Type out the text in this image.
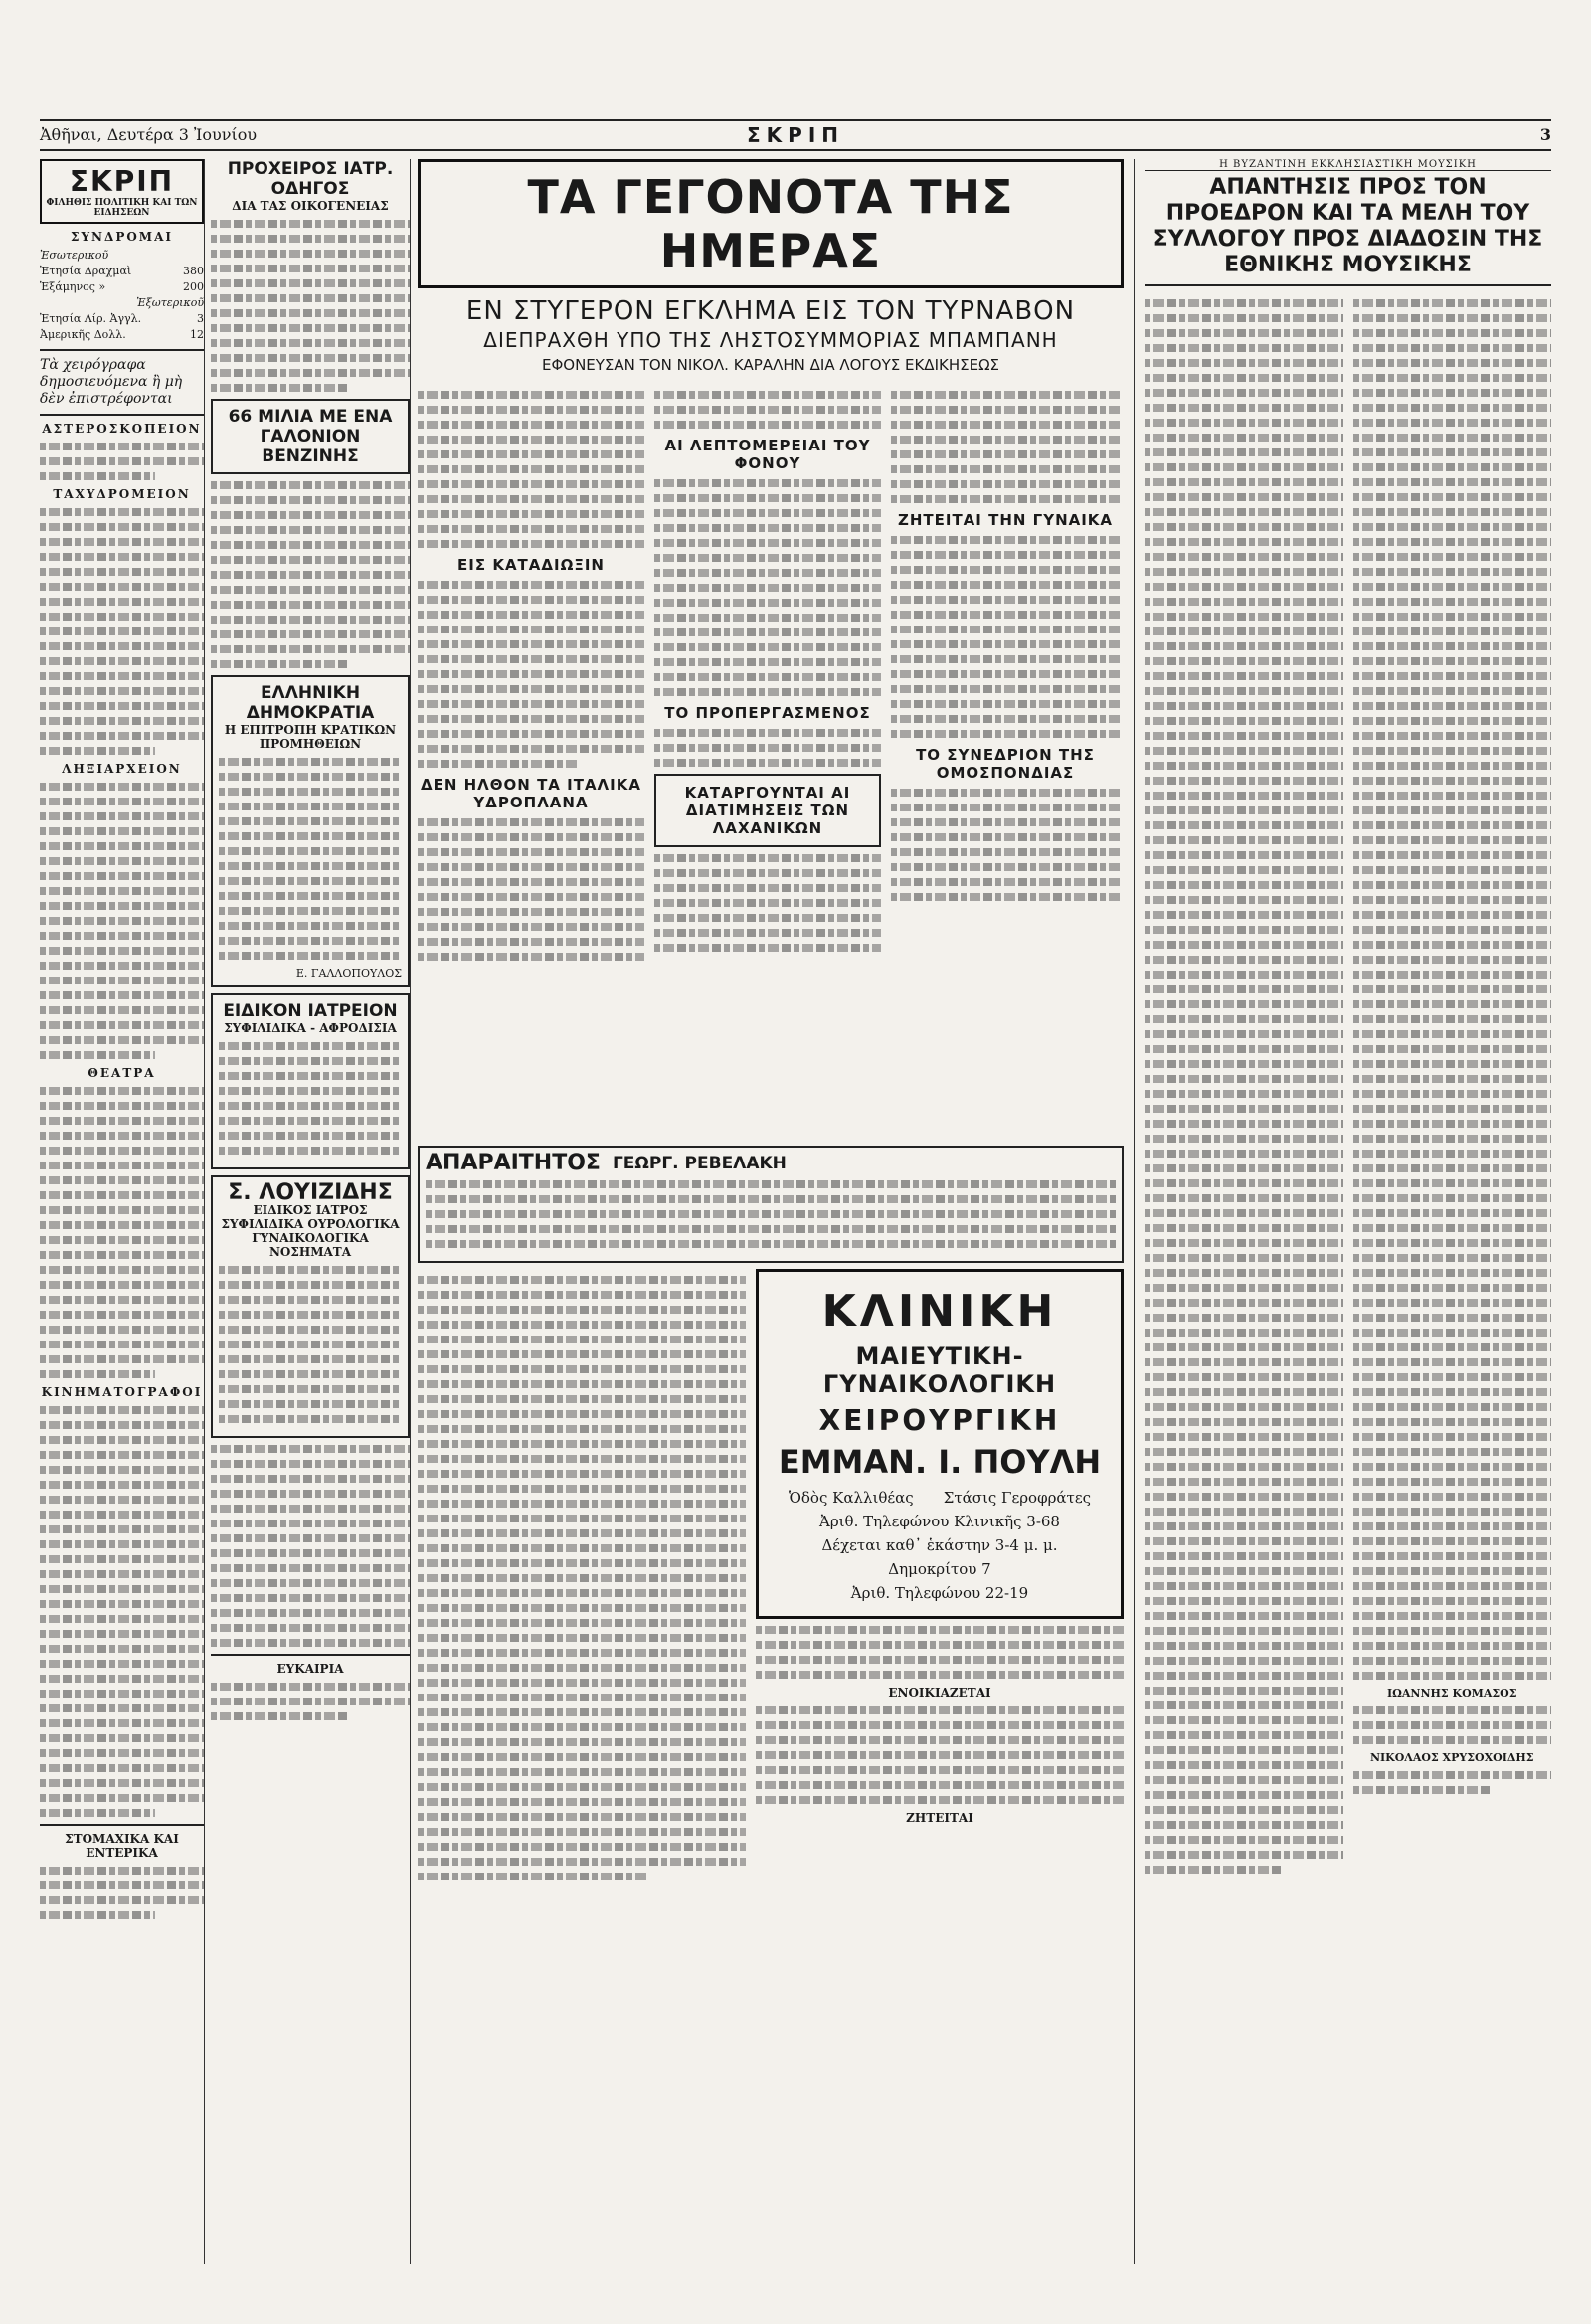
Ἀθῆναι, Δευτέρα 3 Ἰουνίου	ΣΚΡΙΠ	3
ΣΚΡΙΠ
ΦΙΛΗΘΙΣ ΠΟΛΙΤΙΚΗ ΚΑΙ ΤΩΝ ΕΙΔΗΣΕΩΝ
ΣΥΝΔΡΟΜΑΙ
Ἐσωτερικοῦ
Ἐτησία Δραχμαὶ	380
Ἑξάμηνος »	200
Ἐξωτερικοῦ
Ἐτησία Λίρ. Ἀγγλ.	3
Ἀμερικῆς Δολλ.	12
Τὰ χειρόγραφα δημοσιευόμενα ἢ μὴ δὲν ἐπιστρέφονται
ΑΣΤΕΡΟΣΚΟΠΕΙΟΝ
ΤΑΧΥΔΡΟΜΕΙΟΝ
ΛΗΞΙΑΡΧΕΙΟΝ
ΘΕΑΤΡΑ
ΚΙΝΗΜΑΤΟΓΡΑΦΟΙ
ΣΤΟΜΑΧΙΚΑ ΚΑΙ ΕΝΤΕΡΙΚΑ
ΠΡΟΧΕΙΡΟΣ ΙΑΤΡ. ΟΔΗΓΟΣ
ΔΙΑ ΤΑΣ ΟΙΚΟΓΕΝΕΙΑΣ
66 ΜΙΛΙΑ ΜΕ ΕΝΑ ΓΑΛΟΝΙΟΝ ΒΕΝΖΙΝΗΣ
ΕΛΛΗΝΙΚΗ ΔΗΜΟΚΡΑΤΙΑ
Η ΕΠΙΤΡΟΠΗ ΚΡΑΤΙΚΩΝ ΠΡΟΜΗΘΕΙΩΝ
Ε. ΓΑΛΛΟΠΟΥΛΟΣ
ΕΙΔΙΚΟΝ ΙΑΤΡΕΙΟΝ
ΣΥΦΙΛΙΔΙΚΑ - ΑΦΡΟΔΙΣΙΑ
Σ. ΛΟΥΙΖΙΔΗΣ
ΕΙΔΙΚΟΣ ΙΑΤΡΟΣ
ΣΥΦΙΛΙΔΙΚΑ ΟΥΡΟΛΟΓΙΚΑ ΓΥΝΑΙΚΟΛΟΓΙΚΑ ΝΟΣΗΜΑΤΑ
ΕΥΚΑΙΡΙΑ
ΤΑ ΓΕΓΟΝΟΤΑ ΤΗΣ ΗΜΕΡΑΣ
ΕΝ ΣΤΥΓΕΡΟΝ ΕΓΚΛΗΜΑ ΕΙΣ ΤΟΝ ΤΥΡΝΑΒΟΝ
ΔΙΕΠΡΑΧΘΗ ΥΠΟ ΤΗΣ ΛΗΣΤΟΣΥΜΜΟΡΙΑΣ ΜΠΑΜΠΑΝΗ
ΕΦΟΝΕΥΣΑΝ ΤΟΝ ΝΙΚΟΛ. ΚΑΡΑΛΗΝ ΔΙΑ ΛΟΓΟΥΣ ΕΚΔΙΚΗΣΕΩΣ
ΕΙΣ ΚΑΤΑΔΙΩΞΙΝ
ΔΕΝ ΗΛΘΟΝ ΤΑ ΙΤΑΛΙΚΑ ΥΔΡΟΠΛΑΝΑ
ΑΙ ΛΕΠΤΟΜΕΡΕΙΑΙ ΤΟΥ ΦΟΝΟΥ
ΤΟ ΠΡΟΠΕΡΓΑΣΜΕΝΟΣ
ΚΑΤΑΡΓΟΥΝΤΑΙ ΑΙ ΔΙΑΤΙΜΗΣΕΙΣ ΤΩΝ ΛΑΧΑΝΙΚΩΝ
ΖΗΤΕΙΤΑΙ ΤΗΝ ΓΥΝΑΙΚΑ
ΤΟ ΣΥΝΕΔΡΙΟΝ ΤΗΣ ΟΜΟΣΠΟΝΔΙΑΣ
ΑΠΑΡΑΙΤΗΤΟΣ ΓΕΩΡΓ. ΡΕΒΕΛΑΚΗ
ΚΛΙΝΙΚΗ
ΜΑΙΕΥΤΙΚΗ-ΓΥΝΑΙΚΟΛΟΓΙΚΗ
ΧΕΙΡΟΥΡΓΙΚΗ
ΕΜΜΑΝ. Ι. ΠΟΥΛΗ
Ὁδὸς Καλλιθέας Στάσις Γεροφράτες
Ἀριθ. Τηλεφώνου Κλινικῆς 3-68
Δέχεται καθ᾿ ἑκάστην 3-4 μ. μ.
Δημοκρίτου 7
Ἀριθ. Τηλεφώνου 22-19
ΕΝΟΙΚΙΑΖΕΤΑΙ
ΖΗΤΕΙΤΑΙ
Η ΒΥΖΑΝΤΙΝΗ ΕΚΚΛΗΣΙΑΣΤΙΚΗ ΜΟΥΣΙΚΗ
ΑΠΑΝΤΗΣΙΣ ΠΡΟΣ ΤΟΝ ΠΡΟΕΔΡΟΝ ΚΑΙ ΤΑ ΜΕΛΗ ΤΟΥ ΣΥΛΛΟΓΟΥ ΠΡΟΣ ΔΙΑΔΟΣΙΝ ΤΗΣ ΕΘΝΙΚΗΣ ΜΟΥΣΙΚΗΣ
ΙΩΑΝΝΗΣ ΚΟΜΑΣΟΣ
ΝΙΚΟΛΑΟΣ ΧΡΥΣΟΧΟΙΔΗΣ
